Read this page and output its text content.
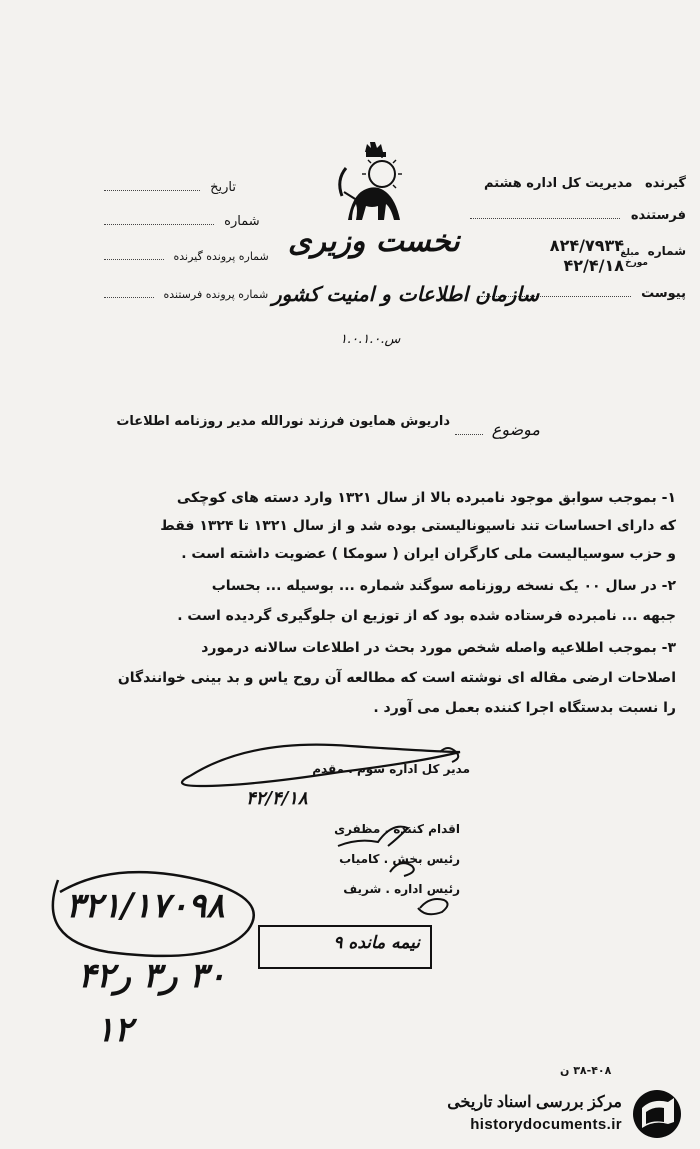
گیرنده مدیریت کل اداره هشتم
فرستنده
شماره مبلغ
۸۲۴/۷۹۳۴
مورخ
۴۲/۴/۱۸
پیوست
نخست وزیری
سازمان اطلاعات و امنیت کشور
س.۱.۰.۱.۰
تاریخ
شماره
شماره پرونده گیرنده
شماره پرونده فرستنده
موضوع
داریوش همایون فرزند نورالله مدیر روزنامه اطلاعات
۱- بموجب سوابق موجود نامبرده بالا از سال ۱۳۲۱ وارد دسته های کوچکی
که دارای احساسات تند ناسیونالیستی بوده شد و از سال ۱۳۲۱ تا ۱۳۲۴ فقط
و حزب سوسیالیست ملی کارگران ایران ( سومکا ) عضویت داشته است .
۲- در سال ۰۰ یک نسخه روزنامه سوگند شماره ... بوسیله ... بحساب
جبهه ... نامبرده فرستاده شده بود که از توزیع ان جلوگیری گردیده است .
۳- بموجب اطلاعیه واصله شخص مورد بحث در اطلاعات سالانه درمورد
اصلاحات ارضی مقاله ای نوشته است که مطالعه آن روح یاس و بد بینی خوانندگان
را نسبت بدستگاه اجرا کننده بعمل می آورد .
مدیر کل اداره سوم . مقدم
۴۲/۴/۱۸
اقدام کننده . مظفری
رئیس بخش . کامیاب
رئیس اداره . شریف
۳۲۱/۱۷۰۹۸
۳۰ ر۳ ر۴۲
۱۲
نیمه مانده ۹
۳۸-۴۰۸ ن
مرکز بررسی اسناد تاریخی
historydocuments.ir
